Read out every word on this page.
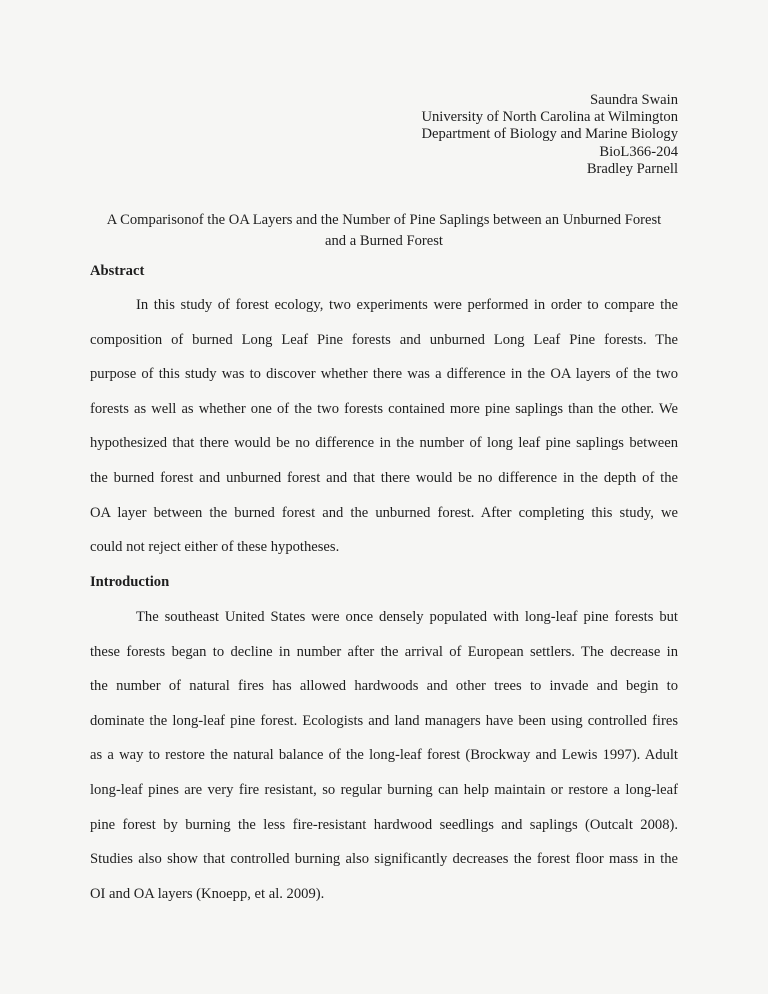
Saundra Swain
University of North Carolina at Wilmington
Department of Biology and Marine Biology
BioL366-204
Bradley Parnell
A Comparisonof the OA Layers and the Number of Pine Saplings between an Unburned Forest
and a Burned Forest
Abstract
In this study of forest ecology, two experiments were performed in order to compare the
composition of burned Long Leaf Pine forests and unburned Long Leaf Pine forests. The
purpose of this study was to discover whether there was a difference in the OA layers of the two
forests as well as whether one of the two forests contained more pine saplings than the other. We
hypothesized that there would be no difference in the number of long leaf pine saplings between
the burned forest and unburned forest and that there would be no difference in the depth of the
OA layer between the burned forest and the unburned forest. After completing this study, we
could not reject either of these hypotheses.
Introduction
The southeast United States were once densely populated with long-leaf pine forests but
these forests began to decline in number after the arrival of European settlers. The decrease in
the number of natural fires has allowed hardwoods and other trees to invade and begin to
dominate the long-leaf pine forest. Ecologists and land managers have been using controlled fires
as a way to restore the natural balance of the long-leaf forest (Brockway and Lewis 1997). Adult
long-leaf pines are very fire resistant, so regular burning can help maintain or restore a long-leaf
pine forest by burning the less fire-resistant hardwood seedlings and saplings (Outcalt 2008).
Studies also show that controlled burning also significantly decreases the forest floor mass in the
OI and OA layers (Knoepp, et al. 2009).
